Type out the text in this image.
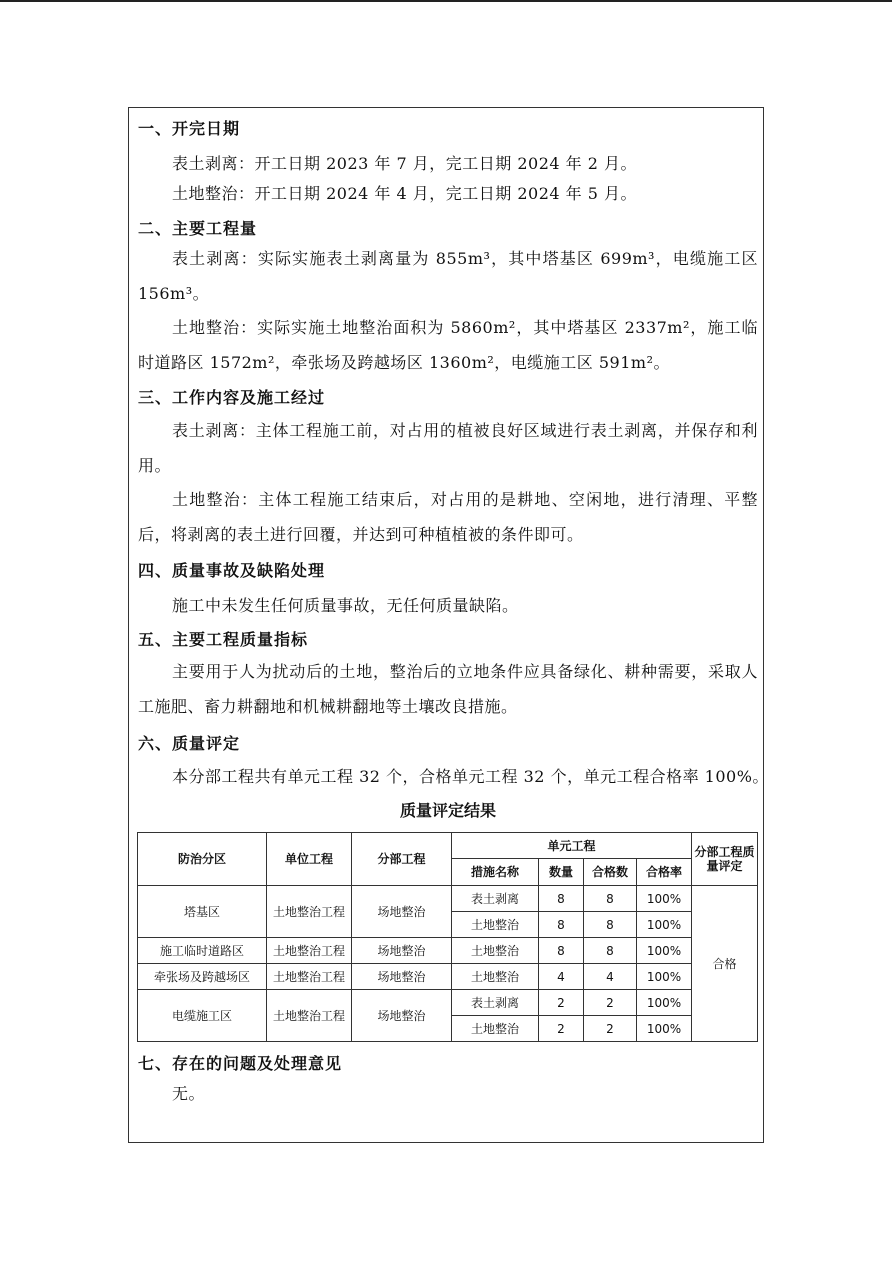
一、开完日期
表土剥离：开工日期 2023 年 7 月，完工日期 2024 年 2 月。
土地整治：开工日期 2024 年 4 月，完工日期 2024 年 5 月。
二、主要工程量

表土剥离：实际实施表土剥离量为 855m³，其中塔基区 699m³，电缆施工区 156m³。

土地整治：实际实施土地整治面积为 5860m²，其中塔基区 2337m²，施工临时道路区 1572m²，牵张场及跨越场区 1360m²，电缆施工区 591m²。

三、工作内容及施工经过

表土剥离：主体工程施工前，对占用的植被良好区域进行表土剥离，并保存和利用。

土地整治：主体工程施工结束后，对占用的是耕地、空闲地，进行清理、平整后，将剥离的表土进行回覆，并达到可种植植被的条件即可。

四、质量事故及缺陷处理
施工中未发生任何质量事故，无任何质量缺陷。
五、主要工程质量指标

主要用于人为扰动后的土地，整治后的立地条件应具备绿化、耕种需要，采取人工施肥、畜力耕翻地和机械耕翻地等土壤改良措施。

六、质量评定
本分部工程共有单元工程 32 个，合格单元工程 32 个，单元工程合格率 100%。
质量评定结果
防治分区	单位工程	分部工程	单元工程				分部工程质量评定
			措施名称	数量	合格数	合格率	
塔基区	土地整治工程	场地整治	表土剥离	8	8	100%	合格
			土地整治	8	8	100%	
施工临时道路区	土地整治工程	场地整治	土地整治	8	8	100%	
牵张场及跨越场区	土地整治工程	场地整治	土地整治	4	4	100%	
电缆施工区	土地整治工程	场地整治	表土剥离	2	2	100%	
			土地整治	2	2	100%	
七、存在的问题及处理意见
无。
